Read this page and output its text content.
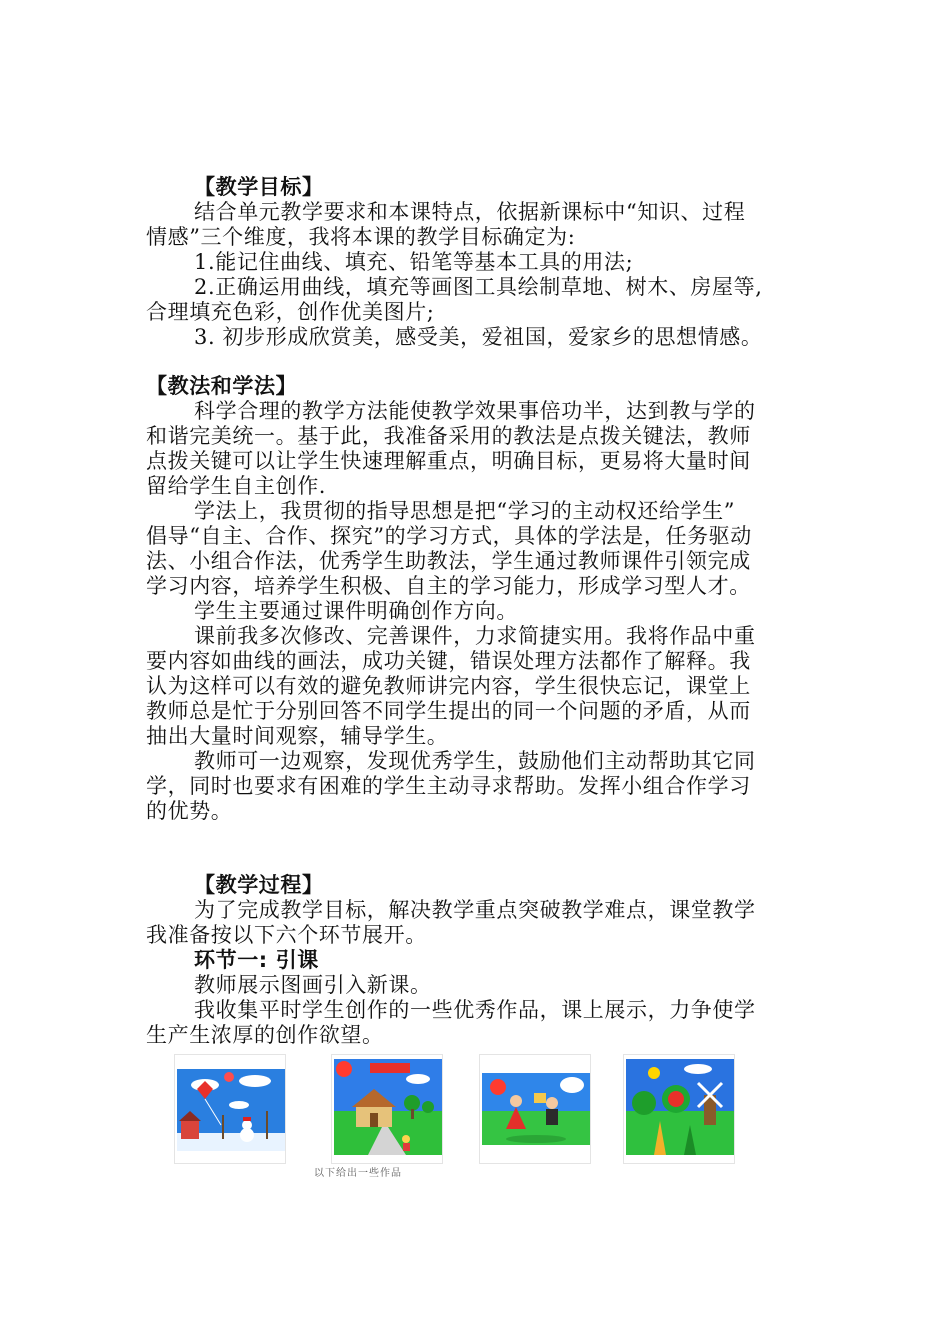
【教学目标】
结合单元教学要求和本课特点，依据新课标中“知识、过程
情感”三个维度，我将本课的教学目标确定为:
1.能记住曲线、填充、铅笔等基本工具的用法;
2.正确运用曲线，填充等画图工具绘制草地、树木、房屋等,
合理填充色彩，创作优美图片;
3. 初步形成欣赏美，感受美，爱祖国，爱家乡的思想情感。
【教法和学法】
科学合理的教学方法能使教学效果事倍功半，达到教与学的
和谐完美统一。基于此，我准备采用的教法是点拨关键法，教师
点拨关键可以让学生快速理解重点，明确目标，更易将大量时间
留给学生自主创作.
学法上，我贯彻的指导思想是把“学习的主动权还给学生”
倡导“自主、合作、探究”的学习方式，具体的学法是，任务驱动
法、小组合作法，优秀学生助教法，学生通过教师课件引领完成
学习内容，培养学生积极、自主的学习能力，形成学习型人才。
学生主要通过课件明确创作方向。
课前我多次修改、完善课件，力求简捷实用。我将作品中重
要内容如曲线的画法，成功关键，错误处理方法都作了解释。我
认为这样可以有效的避免教师讲完内容，学生很快忘记，课堂上
教师总是忙于分别回答不同学生提出的同一个问题的矛盾，从而
抽出大量时间观察，辅导学生。
教师可一边观察，发现优秀学生，鼓励他们主动帮助其它同
学，同时也要求有困难的学生主动寻求帮助。发挥小组合作学习
的优势。
【教学过程】
为了完成教学目标，解决教学重点突破教学难点，课堂教学
我准备按以下六个环节展开。
环节一: 引课
教师展示图画引入新课。
我收集平时学生创作的一些优秀作品，课上展示，力争使学
生产生浓厚的创作欲望。
以下给出一些作品
